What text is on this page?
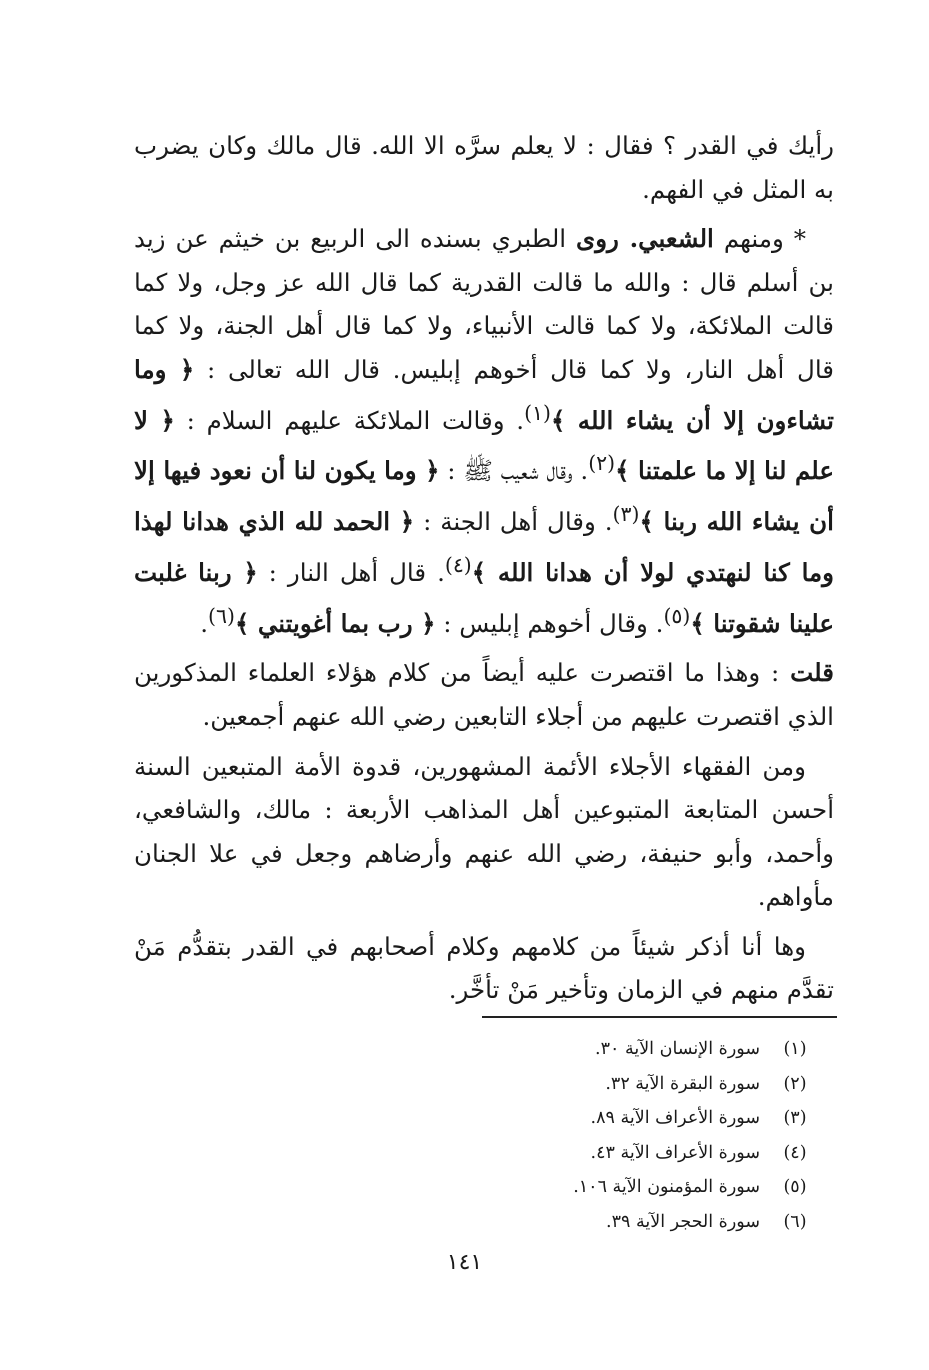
رأيك في القدر ؟ فقال : لا يعلم سرَّه الا الله. قال مالك وكان يضرب به المثل في الفهم.

* ومنهم الشعبي. روى الطبري بسنده الى الربيع بن خيثم عن زيد بن أسلم قال : والله ما قالت القدرية كما قال الله عز وجل، ولا كما قالت الملائكة، ولا كما قالت الأنبياء، ولا كما قال أهل الجنة، ولا كما قال أهل النار، ولا كما قال أخوهم إبليس. قال الله تعالى : ﴿ وما تشاءون إلا أن يشاء الله ﴾$^{(١)}$. وقالت الملائكة عليهم السلام : ﴿ لا علم لنا إلا ما علمتنا ﴾$^{(٢)}$. وقال شعيب ﷺ : ﴿ وما يكون لنا أن نعود فيها إلا أن يشاء الله ربنا ﴾$^{(٣)}$. وقال أهل الجنة : ﴿ الحمد لله الذي هدانا لهذا وما كنا لنهتدي لولا أن هدانا الله ﴾$^{(٤)}$. قال أهل النار : ﴿ ربنا غلبت علينا شقوتنا ﴾$^{(٥)}$. وقال أخوهم إبليس : ﴿ رب بما أغويتني ﴾$^{(٦)}$.

قلت : وهذا ما اقتصرت عليه أيضاً من كلام هؤلاء العلماء المذكورين الذي اقتصرت عليهم من أجلاء التابعين رضي الله عنهم أجمعين.

ومن الفقهاء الأجلاء الأئمة المشهورين، قدوة الأمة المتبعين السنة أحسن المتابعة المتبوعين أهل المذاهب الأربعة : مالك، والشافعي، وأحمد، وأبو حنيفة، رضي الله عنهم وأرضاهم وجعل في علا الجنان مأواهم.

وها أنا أذكر شيئاً من كلامهم وكلام أصحابهم في القدر بتقدُّم مَنْ تقدَّم منهم في الزمان وتأخير مَنْ تأخَّر.

(١)
سورة الإنسان الآية ٣٠.
(٢)
سورة البقرة الآية ٣٢.
(٣)
سورة الأعراف الآية ٨٩.
(٤)
سورة الأعراف الآية ٤٣.
(٥)
سورة المؤمنون الآية ١٠٦.
(٦)
سورة الحجر الآية ٣٩.
١٤١
